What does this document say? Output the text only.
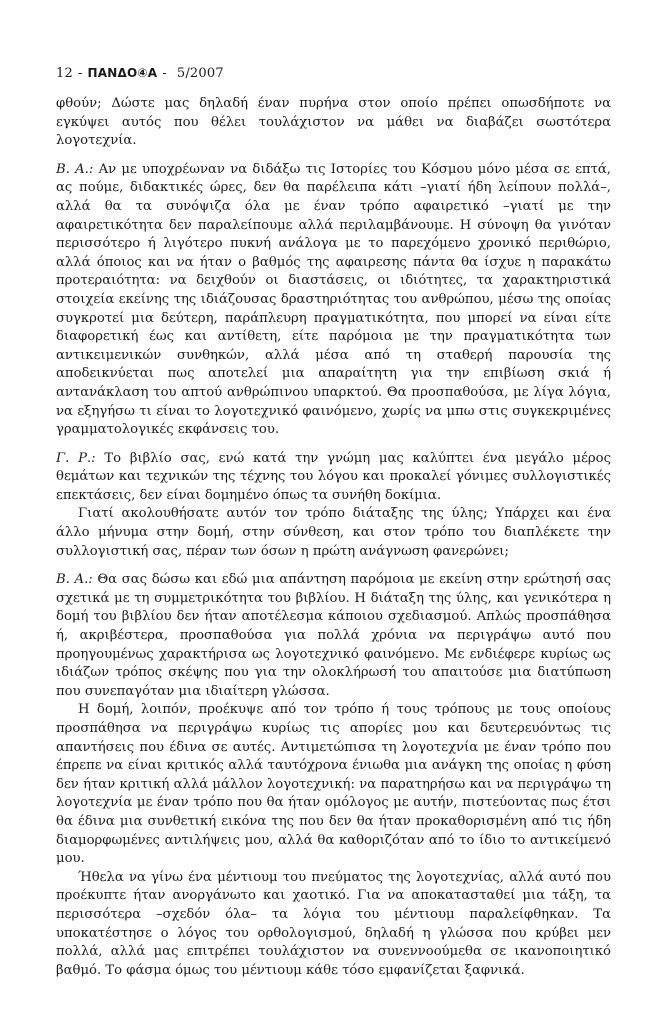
12 - ΠΑΝΔΟ④Α - 5/2007

φθούν; Δώστε μας δηλαδή έναν πυρήνα στον οποίο πρέπει οπωσδήποτε να εγκύψει αυτός που θέλει τουλάχιστον να μάθει να διαβάζει σωστότερα λογοτεχνία.

Β. Α.: Αν με υποχρέωναν να διδάξω τις Ιστορίες του Κόσμου μόνο μέσα σε επτά, ας πούμε, διδακτικές ώρες, δεν θα παρέλειπα κάτι –γιατί ήδη λείπουν πολλά–, αλλά θα τα συνόψιζα όλα με έναν τρόπο αφαιρετικό –γιατί με την αφαιρετικότητα δεν παραλείπουμε αλλά περιλαμβάνουμε. Η σύνοψη θα γινόταν περισσότερο ή λιγότερο πυκνή ανάλογα με το παρεχόμενο χρονικό περιθώριο, αλλά όποιος και να ήταν ο βαθμός της αφαιρεσης πάντα θα ίσχυε η παρακάτω προτεραιότητα: να δειχθούν οι διαστάσεις, οι ιδιότητες, τα χαρακτηριστικά στοιχεία εκείνης της ιδιάζουσας δραστηριότητας του ανθρώπου, μέσω της οποίας συγκροτεί μια δεύτερη, παράπλευρη πραγματικότητα, που μπορεί να είναι είτε διαφορετική έως και αντίθετη, είτε παρόμοια με την πραγματικότητα των αντικειμενικών συνθηκών, αλλά μέσα από τη σταθερή παρουσία της αποδεικνύεται πως αποτελεί μια απαραίτητη για την επιβίωση σκιά ή αντανάκλαση του απτού ανθρώπινου υπαρκτού. Θα προσπαθούσα, με λίγα λόγια, να εξηγήσω τι είναι το λογοτεχνικό φαινόμενο, χωρίς να μπω στις συγκεκριμένες γραμματολογικές εκφάνσεις του.

Γ. Ρ.: Το βιβλίο σας, ενώ κατά την γνώμη μας καλύπτει ένα μεγάλο μέρος θεμάτων και τεχνικών της τέχνης του λόγου και προκαλεί γόνιμες συλλογιστικές επεκτάσεις, δεν είναι δομημένο όπως τα συνήθη δοκίμια.

Γιατί ακολουθήσατε αυτόν τον τρόπο διάταξης της ύλης; Υπάρχει και ένα άλλο μήνυμα στην δομή, στην σύνθεση, και στον τρόπο του διαπλέκετε την συλλογιστική σας, πέραν των όσων η πρώτη ανάγνωση φανερώνει;

Β. Α.: Θα σας δώσω και εδώ μια απάντηση παρόμοια με εκείνη στην ερώτησή σας σχετικά με τη συμμετρικότητα του βιβλίου. Η διάταξη της ύλης, και γενικότερα η δομή του βιβλίου δεν ήταν αποτέλεσμα κάποιου σχεδιασμού. Απλώς προσπάθησα ή, ακριβέστερα, προσπαθούσα για πολλά χρόνια να περιγράψω αυτό που προηγουμένως χαρακτήρισα ως λογοτεχνικό φαινόμενο. Με ενδιέφερε κυρίως ως ιδιάζων τρόπος σκέψης που για την ολοκλήρωσή του απαιτούσε μια διατύπωση που συνεπαγόταν μια ιδιαίτερη γλώσσα.

Η δομή, λοιπόν, προέκυψε από τον τρόπο ή τους τρόπους με τους οποίους προσπάθησα να περιγράψω κυρίως τις απορίες μου και δευτερευόντως τις απαντήσεις που έδινα σε αυτές. Αντιμετώπισα τη λογοτεχνία με έναν τρόπο που έπρεπε να είναι κριτικός αλλά ταυτόχρονα ένιωθα μια ανάγκη της οποίας η φύση δεν ήταν κριτική αλλά μάλλον λογοτεχνική: να παρατηρήσω και να περιγράψω τη λογοτεχνία με έναν τρόπο που θα ήταν ομόλογος με αυτήν, πιστεύοντας πως έτσι θα έδινα μια συνθετική εικόνα της που δεν θα ήταν προκαθορισμένη από τις ήδη διαμορφωμένες αντιλήψεις μου, αλλά θα καθοριζόταν από το ίδιο το αντικείμενό μου.

Ήθελα να γίνω ένα μέντιουμ του πνεύματος της λογοτεχνίας, αλλά αυτό που προέκυπτε ήταν ανοργάνωτο και χαοτικό. Για να αποκατασταθεί μια τάξη, τα περισσότερα –σχεδόν όλα– τα λόγια του μέντιουμ παραλείφθηκαν. Τα υποκατέστησε ο λόγος του ορθολογισμού, δηλαδή η γλώσσα που κρύβει μεν πολλά, αλλά μας επιτρέπει τουλάχιστον να συνεννοούμεθα σε ικανοποιητικό βαθμό. Το φάσμα όμως του μέντιουμ κάθε τόσο εμφανίζεται ξαφνικά.
